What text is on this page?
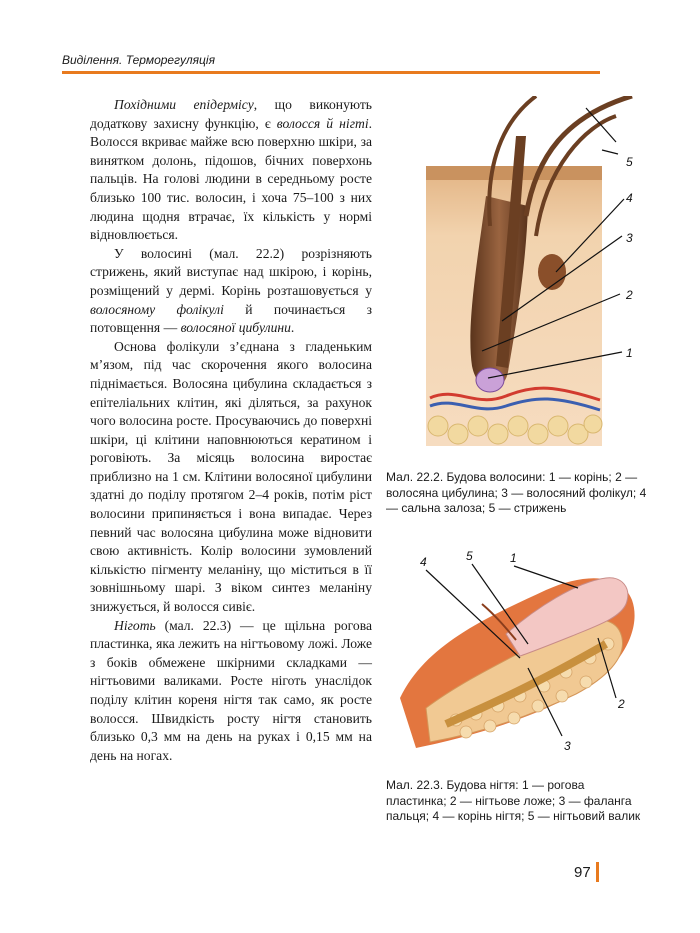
Виділення. Терморегуляція

Похідними епідермісу, що виконують додаткову захисну функцію, є волосся й нігті. Волосся вкриває майже всю поверхню шкіри, за винятком долонь, підошов, бічних поверхонь пальців. На голові людини в середньому росте близько 100 тис. волосин, і хоча 75–100 з них людина щодня втрачає, їх кількість у нормі відновлюється.

У волосині (мал. 22.2) розрізняють стрижень, який виступає над шкірою, і корінь, розміщений у дермі. Корінь розташовується у волосяному фолікулі й починається з потовщення — волосяної цибулини.

Основа фолікули з’єднана з гладеньким м’язом, під час скорочення якого волосина піднімається. Волосяна цибулина складається з епітеліальних клітин, які діляться, за рахунок чого волосина росте. Просуваючись до поверхні шкіри, ці клітини наповнюються кератином і роговіють. За місяць волосина виростає приблизно на 1 см. Клітини волосяної цибулини здатні до поділу протягом 2–4 років, потім ріст волосини припиняється і вона випадає. Через певний час волосяна цибулина може відновити свою активність. Колір волосини зумовлений кількістю пігменту меланіну, що міститься в її зовнішньому шарі. З віком синтез меланіну знижується, й волосся сивіє.

Ніготь (мал. 22.3) — це щільна рогова пластинка, яка лежить на нігтьовому ложі. Ложе з боків обмежене шкірними складками — нігтьовими валиками. Росте ніготь унаслідок поділу клітин кореня нігтя так само, як росте волосся. Швидкість росту нігтя становить близько 0,3 мм на день на руках і 0,15 мм на день на ногах.

5
4
3
2
1
Мал. 22.2. Будова волосини: 1 — корінь; 2 — волосяна цибулина; 3 — волосяний фолікул; 4 — сальна залоза; 5 — стрижень
1
5
4
3
2
Мал. 22.3. Будова нігтя: 1 — рогова пластинка; 2 — нігтьове ложе; 3 — фаланга пальця; 4 — корінь нігтя; 5 — нігтьовий валик
97
